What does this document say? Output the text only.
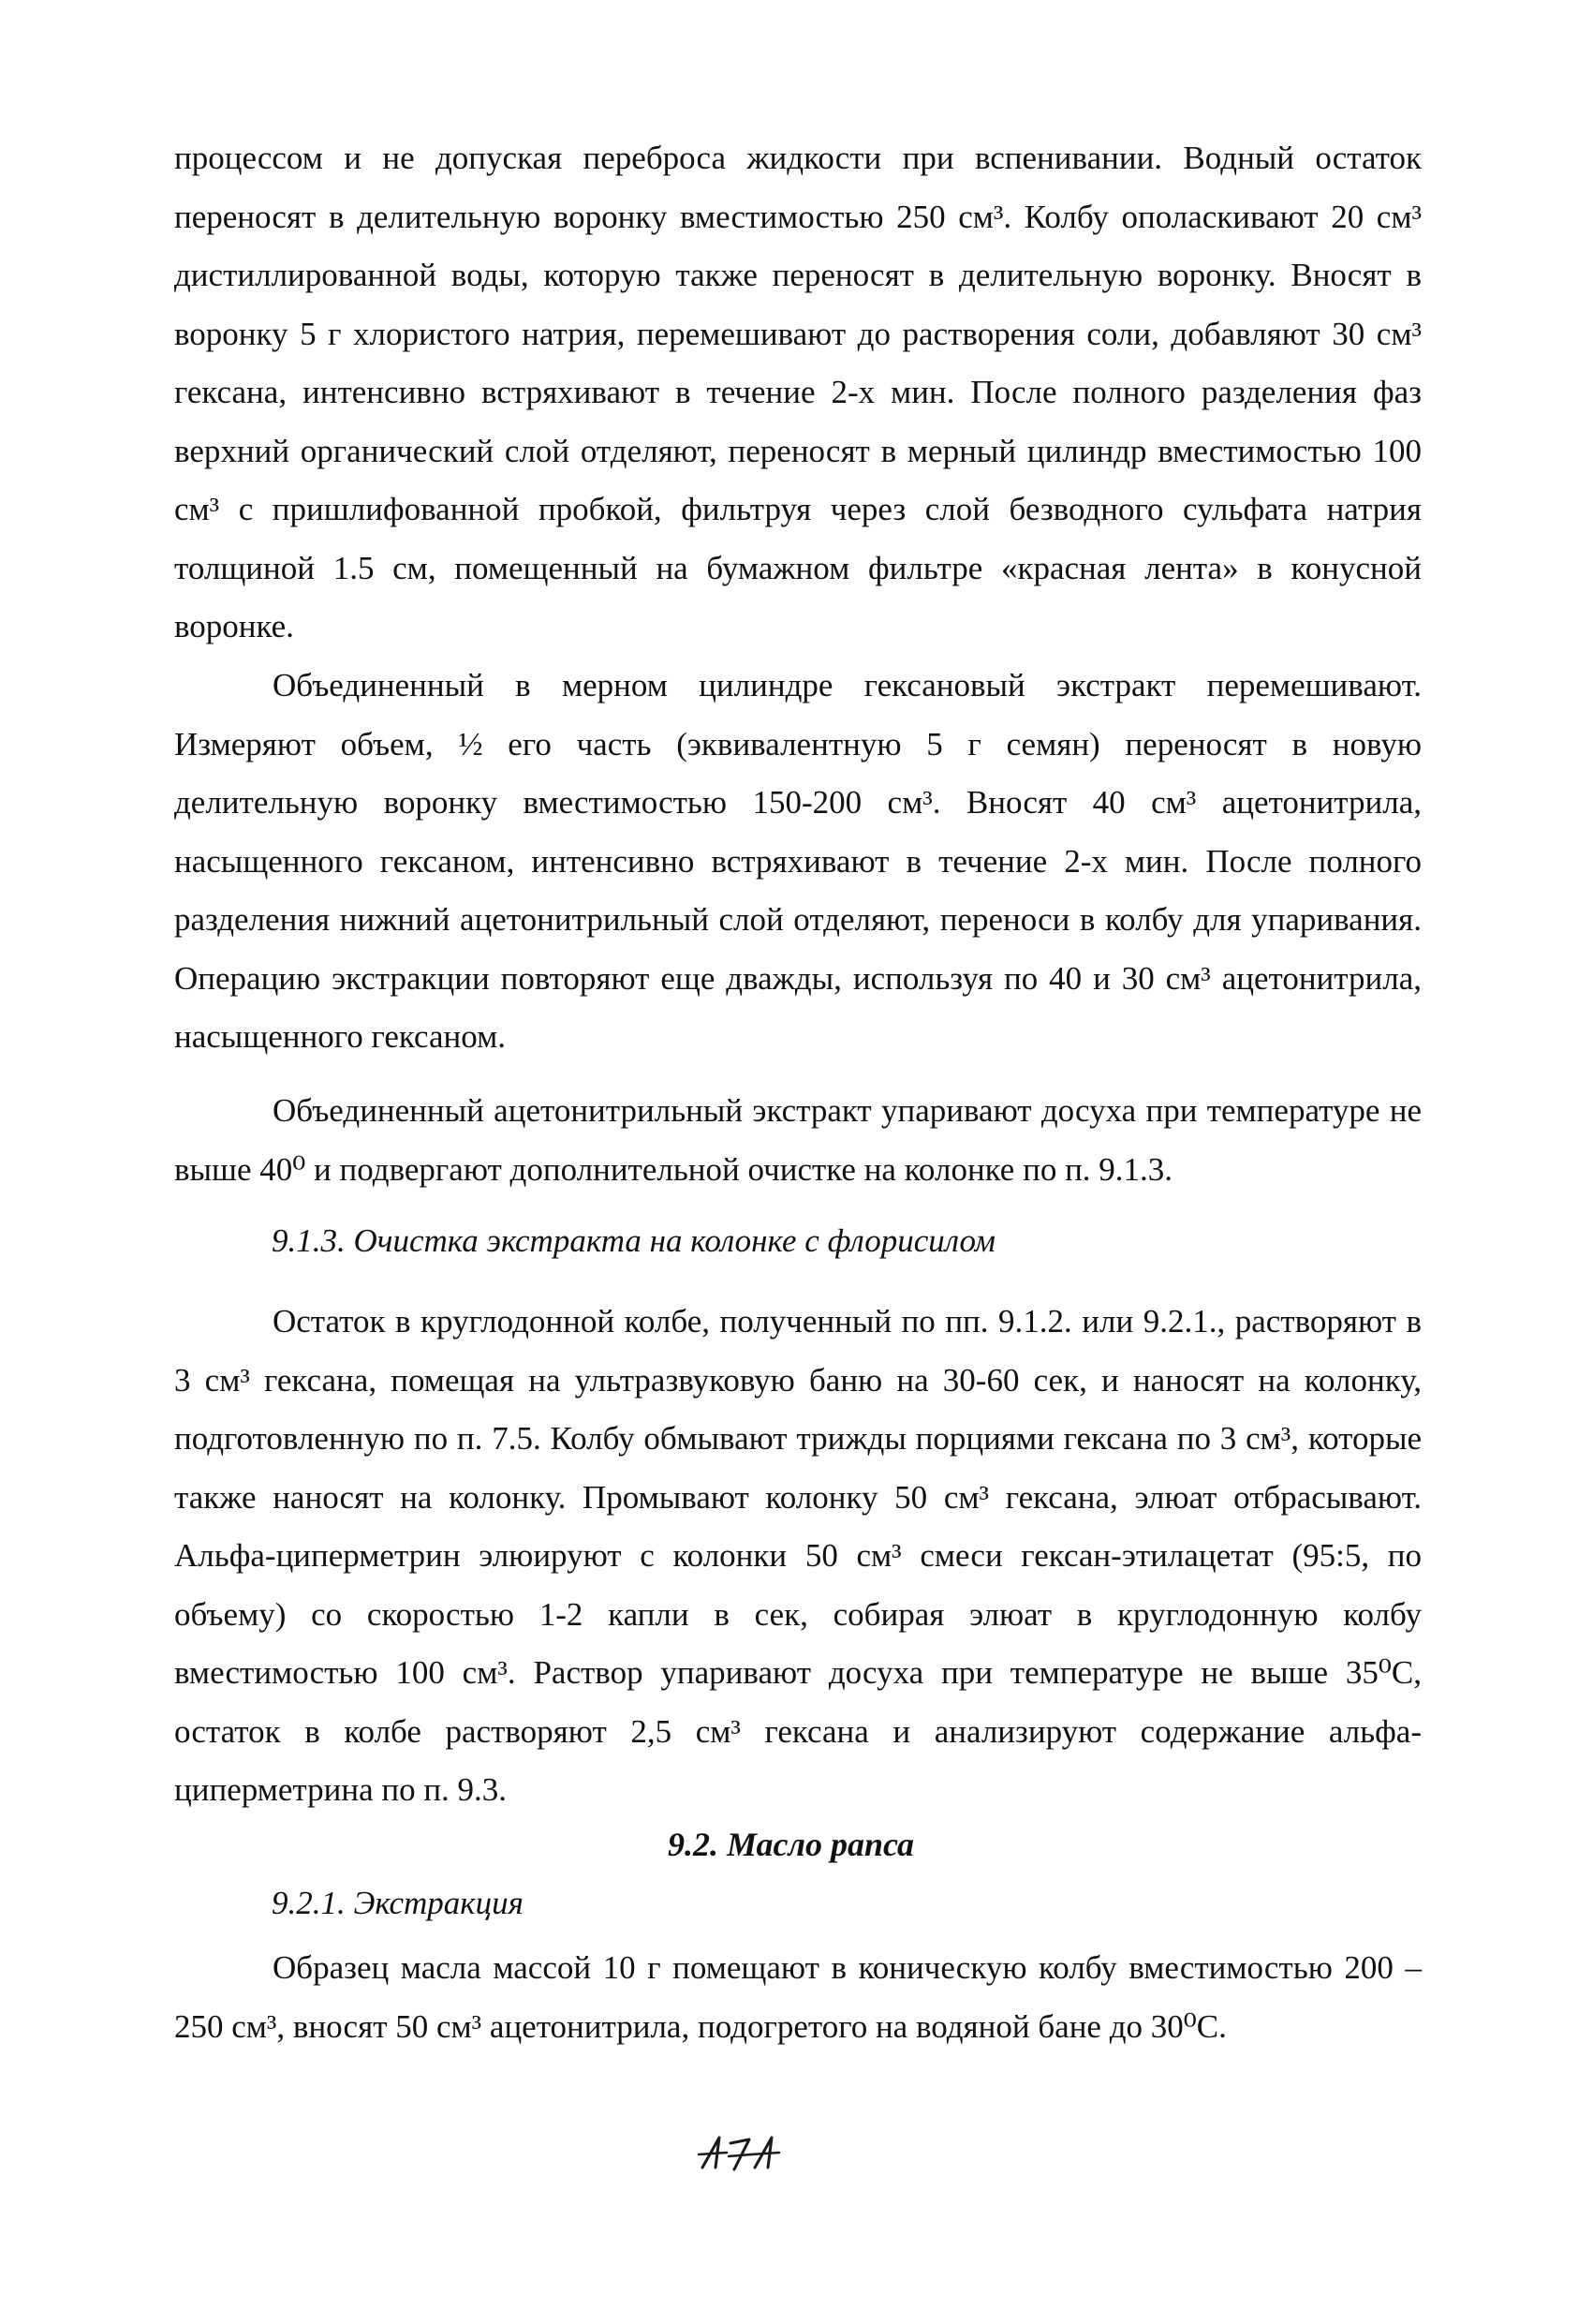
процессом и не допуская переброса жидкости при вспенивании. Водный остаток переносят в делительную воронку вместимостью 250 см³. Колбу ополаскивают 20 см³ дистиллированной воды, которую также переносят в делительную воронку. Вносят в воронку 5 г хлористого натрия, перемешивают до растворения соли, добавляют 30 см³ гексана, интенсивно встряхивают в течение 2-х мин. После полного разделения фаз верхний органический слой отделяют, переносят в мерный цилиндр вместимостью 100 см³ с пришлифованной пробкой, фильтруя через слой безводного сульфата натрия толщиной 1.5 см, помещенный на бумажном фильтре «красная лента» в конусной воронке.

Объединенный в мерном цилиндре гексановый экстракт перемешивают. Измеряют объем, ½ его часть (эквивалентную 5 г семян) переносят в новую делительную воронку вместимостью 150-200 см³. Вносят 40 см³ ацетонитрила, насыщенного гексаном, интенсивно встряхивают в течение 2-х мин. После полного разделения нижний ацетонитрильный слой отделяют, переноси в колбу для упаривания. Операцию экстракции повторяют еще дважды, используя по 40 и 30 см³ ацетонитрила, насыщенного гексаном.

Объединенный ацетонитрильный экстракт упаривают досуха при температуре не выше 40⁰ и подвергают дополнительной очистке на колонке по п. 9.1.3.

9.1.3. Очистка экстракта на колонке с флорисилом

Остаток в круглодонной колбе, полученный по пп. 9.1.2. или 9.2.1., растворяют в 3 см³ гексана, помещая на ультразвуковую баню на 30-60 сек, и наносят на колонку, подготовленную по п. 7.5. Колбу обмывают трижды порциями гексана по 3 см³, которые также наносят на колонку. Промывают колонку 50 см³ гексана, элюат отбрасывают. Альфа-циперметрин элюируют с колонки 50 см³ смеси гексан-этилацетат (95:5, по объему) со скоростью 1-2 капли в сек, собирая элюат в круглодонную колбу вместимостью 100 см³. Раствор упаривают досуха при температуре не выше 35⁰С, остаток в колбе растворяют 2,5 см³ гексана и анализируют содержание альфа-циперметрина по п. 9.3.

9.2. Масло рапса
9.2.1. Экстракция

Образец масла массой 10 г помещают в коническую колбу вместимостью 200 – 250 см³, вносят 50 см³ ацетонитрила, подогретого на водяной бане до 30⁰С.
